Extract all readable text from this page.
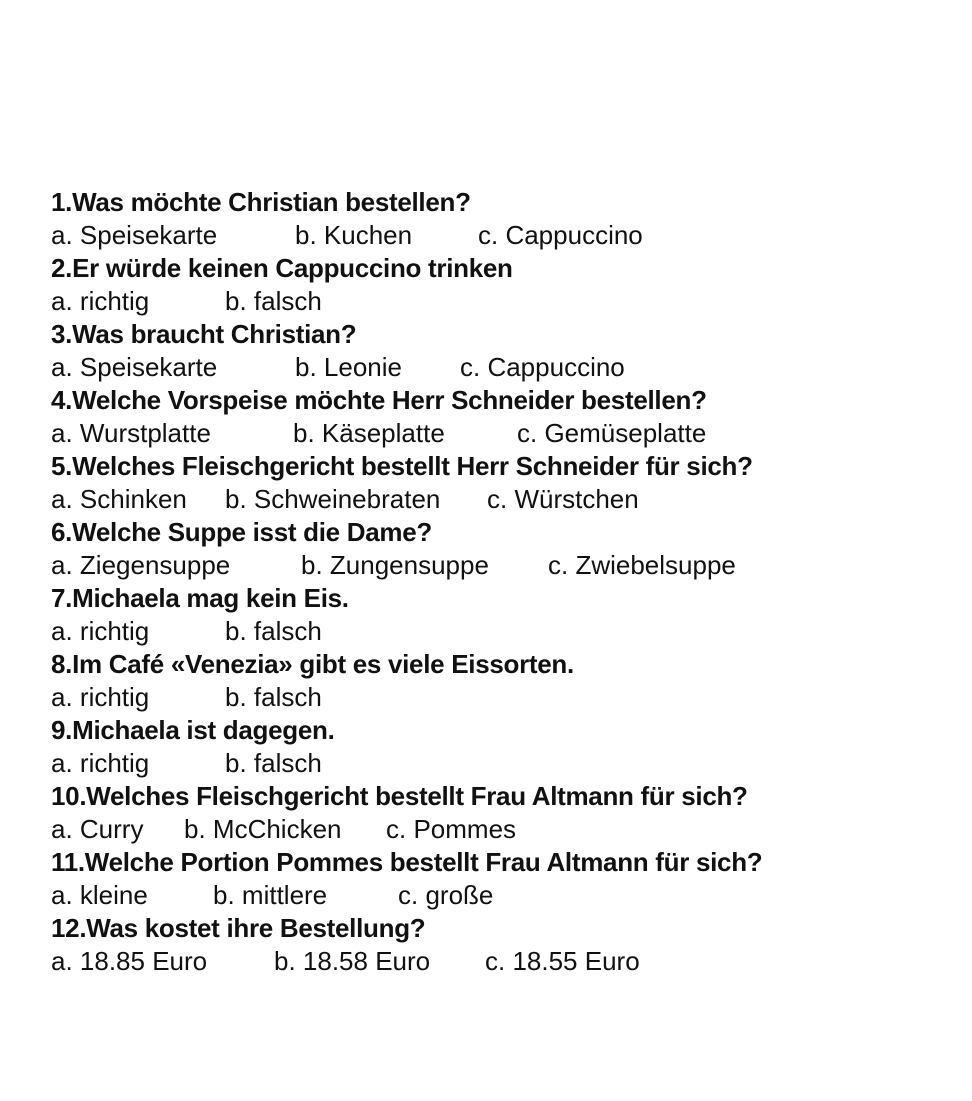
1.Was möchte Christian bestellen?
a. Speisekarte	b. Kuchen	c. Cappuccino
2.Er würde keinen Cappuccino trinken
a. richtig	b. falsch
3.Was braucht Christian?
a. Speisekarte	b. Leonie c. Cappuccino
4.Welche Vorspeise möchte Herr Schneider bestellen?
a. Wurstplatte	b. Käseplatte	c. Gemüseplatte
5.Welches Fleischgericht bestellt Herr Schneider für sich?
a. Schinken b. Schweinebraten c. Würstchen
6.Welche Suppe isst die Dame?
a. Ziegensuppe	b. Zungensuppe c. Zwiebelsuppe
7.Michaela mag kein Eis.
a. richtig	b. falsch
8.Im Café «Venezia» gibt es viele Eissorten.
a. richtig	b. falsch
9.Michaela ist dagegen.
a. richtig	b. falsch
10.Welches Fleischgericht bestellt Frau Altmann für sich?
a. Curry b. McChicken c. Pommes
11.Welche Portion Pommes bestellt Frau Altmann für sich?
a. kleine	b. mittlere	c. große
12.Was kostet ihre Bestellung?
a. 18.85 Euro	b. 18.58 Euro c. 18.55 Euro
